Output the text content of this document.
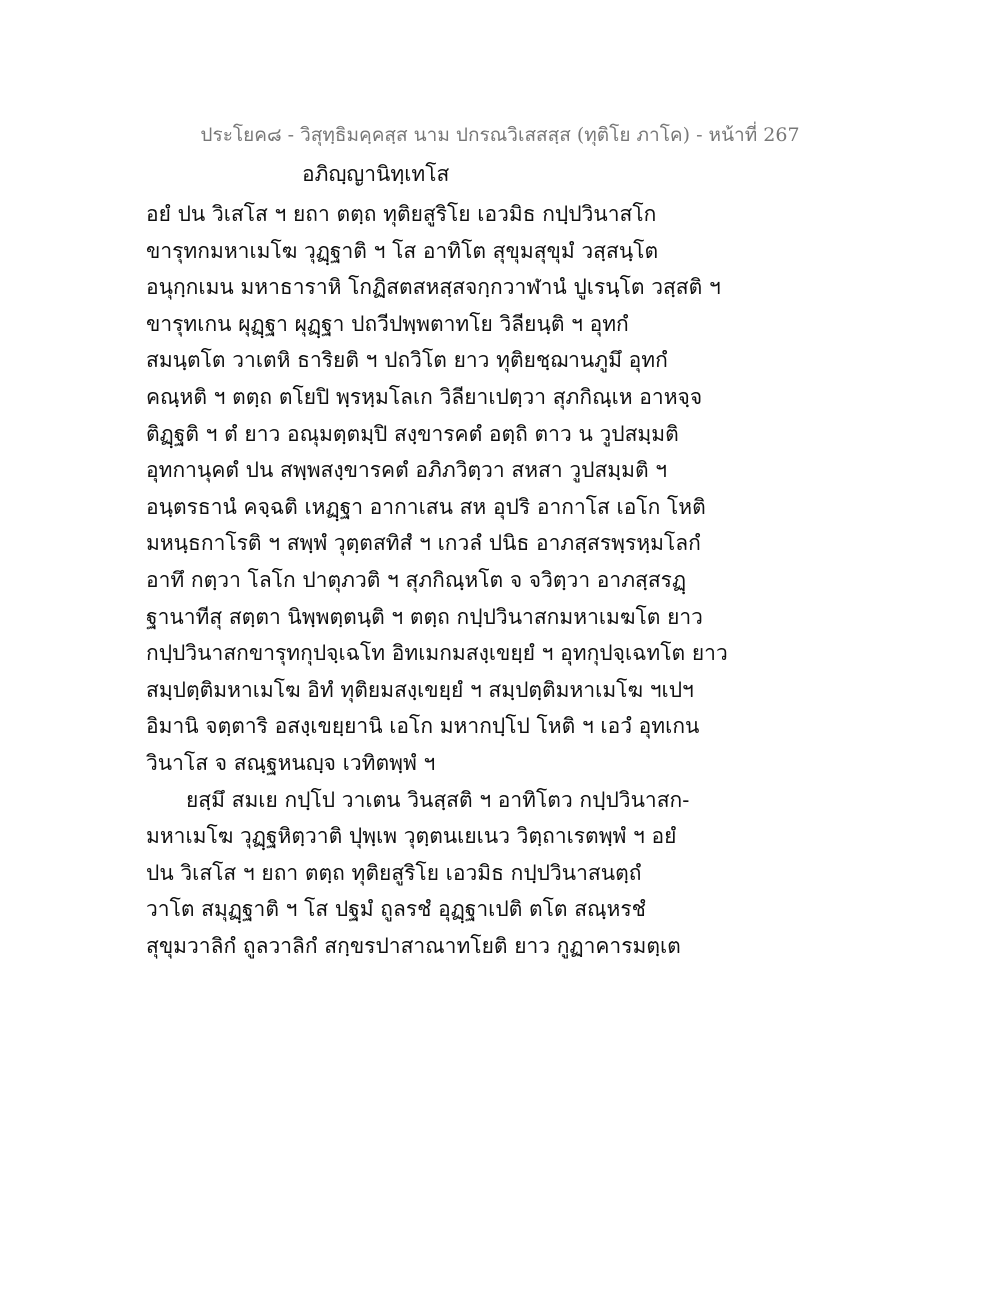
ประโยค๘ - วิสุทฺธิมคฺคสฺส นาม ปกรณวิเสสสฺส (ทุติโย ภาโค) - หน้าที่ 267
อภิญฺญานิทฺเทโส
อยํ ปน วิเสโส ฯ ยถา ตตฺถ ทุติยสูริโย เอวมิธ กปฺปวินาสโก
ขารุทกมหาเมโฆ วุฏฺฐาติ ฯ โส อาทิโต สุขุมสุขุมํ วสฺสนฺโต
อนุกฺกเมน มหาธาราหิ โกฏิสตสหสฺสจกฺกวาฬานํ ปูเรนฺโต วสฺสติ ฯ
ขารุทเกน ผุฏฺฐา ผุฏฺฐา ปถวีปพฺพตาทโย วิลียนฺติ ฯ อุทกํ
สมนฺตโต วาเตหิ ธาริยติ ฯ ปถวิโต ยาว ทุติยชฺฌานภูมึ อุทกํ
คณฺหติ ฯ ตตฺถ ตโยปิ พฺรหฺมโลเก วิลียาเปตฺวา สุภกิณฺเห อาหจฺจ
ติฏฺฐติ ฯ ตํ ยาว อณุมตฺตมฺปิ สงฺขารคตํ อตฺถิ ตาว น วูปสมฺมติ
อุทกานุคตํ ปน สพฺพสงฺขารคตํ อภิภวิตฺวา สหสา วูปสมฺมติ ฯ
อนฺตรธานํ คจฺฉติ เหฏฺฐา อากาเสน สห อุปริ อากาโส เอโก โหติ
มหนฺธกาโรติ ฯ สพฺพํ วุตฺตสทิสํ ฯ เกวลํ ปนิธ อาภสฺสรพฺรหฺมโลกํ
อาทึ กตฺวา โลโก ปาตุภวติ ฯ สุภกิณฺหโต จ จวิตฺวา อาภสฺสรฏฺ
ฐานาทีสุ สตฺตา นิพฺพตฺตนฺติ ฯ ตตฺถ กปฺปวินาสกมหาเมฆโต ยาว
กปฺปวินาสกขารุทกุปจฺเฉโท อิทเมกมสงฺเขยฺยํ ฯ อุทกุปจฺเฉทโต ยาว
สมฺปตฺติมหาเมโฆ อิทํ ทุติยมสงฺเขยฺยํ ฯ สมฺปตฺติมหาเมโฆ ฯเปฯ
อิมานิ จตฺตาริ อสงฺเขยฺยานิ เอโก มหากปฺโป โหติ ฯ เอวํ อุทเกน
วินาโส จ สณฺฐหนญฺจ เวทิตพฺพํ ฯ
ยสฺมึ สมเย กปฺโป วาเตน วินสฺสติ ฯ อาทิโตว กปฺปวินาสก-
มหาเมโฆ วุฏฺฐหิตฺวาติ ปุพฺเพ วุตฺตนเยเนว วิตฺถาเรตพฺพํ ฯ อยํ
ปน วิเสโส ฯ ยถา ตตฺถ ทุติยสูริโย เอวมิธ กปฺปวินาสนตฺถํ
วาโต สมุฏฺฐาติ ฯ โส ปฐมํ ถูลรชํ อุฏฺฐาเปติ ตโต สณฺหรชํ
สุขุมวาลิกํ ถูลวาลิกํ สกฺขรปาสาณาทโยติ ยาว กูฏาคารมตฺเต
